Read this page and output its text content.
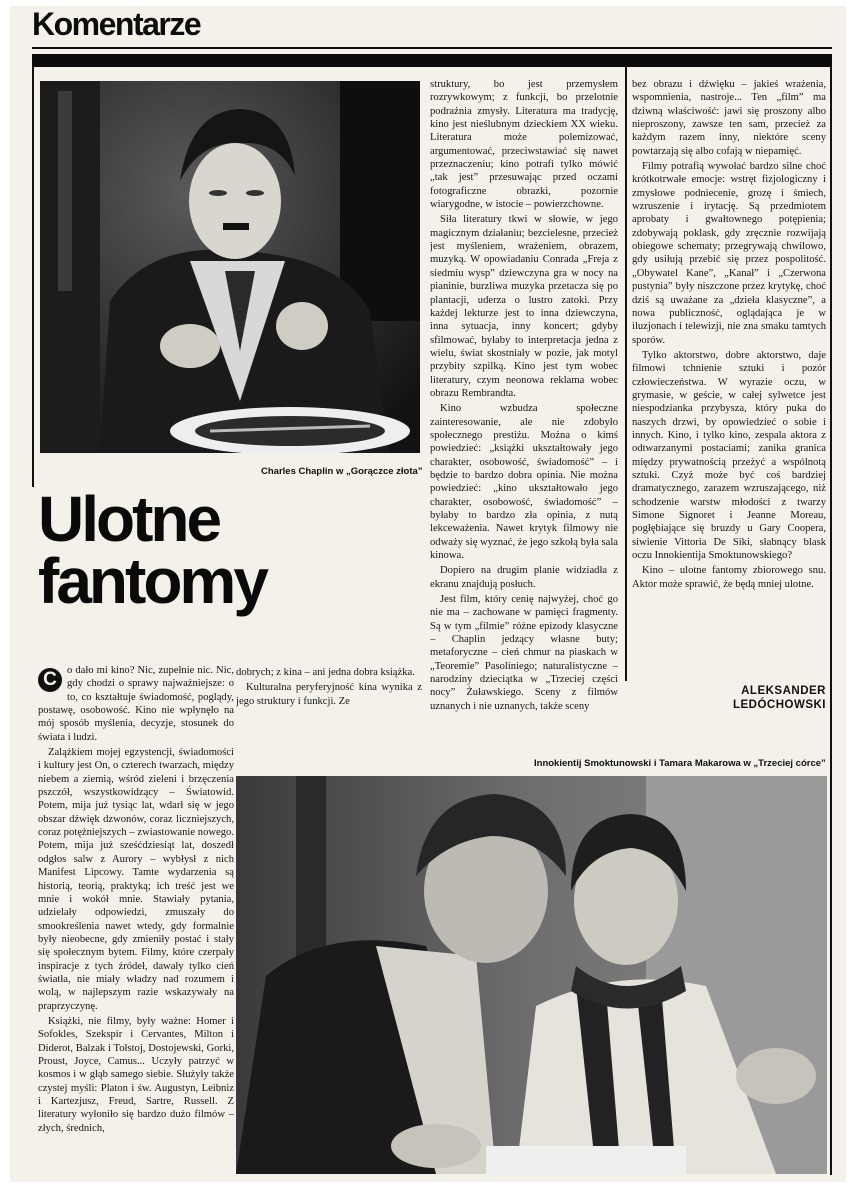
Komentarze
Charles Chaplin w „Gorączce złota”
Ulotne
fantomy

C o dało mi kino? Nic, zupełnie nic. Nic, gdy chodzi o sprawy najważniejsze: o to, co kształtuje świadomość, poglądy, postawę, osobowość. Kino nie wpłynęło na mój sposób myślenia, decyzje, stosunek do świata i ludzi.

Zalążkiem mojej egzystencji, świadomości i kultury jest On, o czterech twarzach, między niebem a ziemią, wśród zieleni i brzęczenia pszczół, wszystkowidzący – Światowid. Potem, mija już tysiąc lat, wdarł się w jego obszar dźwięk dzwonów, coraz liczniejszych, coraz potężniejszych – zwiastowanie nowego. Potem, mija już sześćdziesiąt lat, doszedł odgłos salw z Aurory – wybłysł z nich Manifest Lipcowy. Tamte wydarzenia są historią, teorią, praktyką; ich treść jest we mnie i wokół mnie. Stawiały pytania, udzielały odpowiedzi, zmuszały do smookreślenia nawet wtedy, gdy formalnie były nieobecne, gdy zmieniły postać i stały się społecznym bytem. Filmy, które czerpały inspiracje z tych źródeł, dawały tylko cień światła, nie miały władzy nad rozumem i wolą, w najlepszym razie wskazywały na praprzyczynę.

Książki, nie filmy, były ważne: Homer i Sofokles, Szekspir i Cervantes, Milton i Diderot, Balzak i Tołstoj, Dostojewski, Gorki, Proust, Joyce, Camus... Uczyły patrzyć w kosmos i w głąb samego siebie. Służyły także czystej myśli: Platon i św. Augustyn, Leibniz i Kartezjusz, Freud, Sartre, Russell. Z literatury wyłoniło się bardzo dużo filmów – złych, średnich,

dobrych; z kina – ani jedna dobra książka.

Kulturalna peryferyjność kina wynika z jego struktury i funkcji. Ze

struktury, bo jest przemysłem rozrywkowym; z funkcji, bo przelotnie podrażnia zmysły. Literatura ma tradycję, kino jest nieślubnym dzieckiem XX wieku. Literatura może polemizować, argumentować, przeciwstawiać się nawet przeznaczeniu; kino potrafi tylko mówić „tak jest” przesuwając przed oczami fotograficzne obrazki, pozornie wiarygodne, w istocie – powierzchowne.

Siła literatury tkwi w słowie, w jego magicznym działaniu; bezcielesne, przecież jest myśleniem, wrażeniem, obrazem, muzyką. W opowiadaniu Conrada „Freja z siedmiu wysp” dziewczyna gra w nocy na pianinie, burzliwa muzyka przetacza się po plantacji, uderza o lustro zatoki. Przy każdej lekturze jest to inna dziewczyna, inna sytuacja, inny koncert; gdyby sfilmować, byłaby to interpretacja jedna z wielu, świat skostniały w pozie, jak motyl przybity szpilką. Kino jest tym wobec literatury, czym neonowa reklama wobec obrazu Rembrandta.

Kino wzbudza społeczne zainteresowanie, ale nie zdobyło społecznego prestiżu. Można o kimś powiedzieć: „książki ukształtowały jego charakter, osobowość, świadomość” – i będzie to bardzo dobra opinia. Nie można powiedzieć: „kino ukształtowało jego charakter, osobowość, świadomość” – byłaby to bardzo zła opinia, z nutą lekceważenia. Nawet krytyk filmowy nie odważy się wyznać, że jego szkołą była sala kinowa.

Dopiero na drugim planie widziadła z ekranu znajdują posłuch.

Jest film, który cenię najwyżej, choć go nie ma – zachowane w pamięci fragmenty. Są w tym „filmie” różne epizody klasyczne – Chaplin jedzący własne buty; metaforyczne – cień chmur na piaskach w „Teoremie” Pasoliniego; naturalistyczne – narodziny dzieciątka w „Trzeciej części nocy” Żuławskiego. Sceny z filmów uznanych i nie uznanych, także sceny

bez obrazu i dźwięku – jakieś wrażenia, wspomnienia, nastroje... Ten „film” ma dziwną właściwość: jawi się proszony albo nieproszony, zawsze ten sam, przecież za każdym razem inny, niektóre sceny powtarzają się albo cofają w niepamięć.

Filmy potrafią wywołać bardzo silne choć krótkotrwałe emocje: wstręt fizjologiczny i zmysłowe podniecenie, grozę i śmiech, wzruszenie i irytację. Są przedmiotem aprobaty i gwałtownego potępienia; zdobywają poklask, gdy zręcznie rozwijają obiegowe schematy; przegrywają chwilowo, gdy usiłują przebić się przez pospolitość. „Obywatel Kane”, „Kanał” i „Czerwona pustynia” były niszczone przez krytykę, choć dziś są uważane za „dzieła klasyczne”, a nowa publiczność, oglądająca je w iluzjonach i telewizji, nie zna smaku tamtych sporów.

Tylko aktorstwo, dobre aktorstwo, daje filmowi tchnienie sztuki i pozór człowieczeństwa. W wyrazie oczu, w grymasie, w geście, w całej sylwetce jest niespodzianka przybysza, który puka do naszych drzwi, by opowiedzieć o sobie i innych. Kino, i tylko kino, zespala aktora z odtwarzanymi postaciami; zanika granica między prywatnością przeżyć a wspólnotą sztuki. Czyż może być coś bardziej dramatycznego, zarazem wzruszającego, niż schodzenie warstw młodości z twarzy Simone Signoret i Jeanne Moreau, pogłębiające się bruzdy u Gary Coopera, siwienie Vittoria De Siki, słabnący blask oczu Innokientija Smoktunowskiego?

Kino – ulotne fantomy zbiorowego snu. Aktor może sprawić, że będą mniej ulotne.

ALEKSANDER
LEDÓCHOWSKI
Innokientij Smoktunowski i Tamara Makarowa w „Trzeciej córce”
